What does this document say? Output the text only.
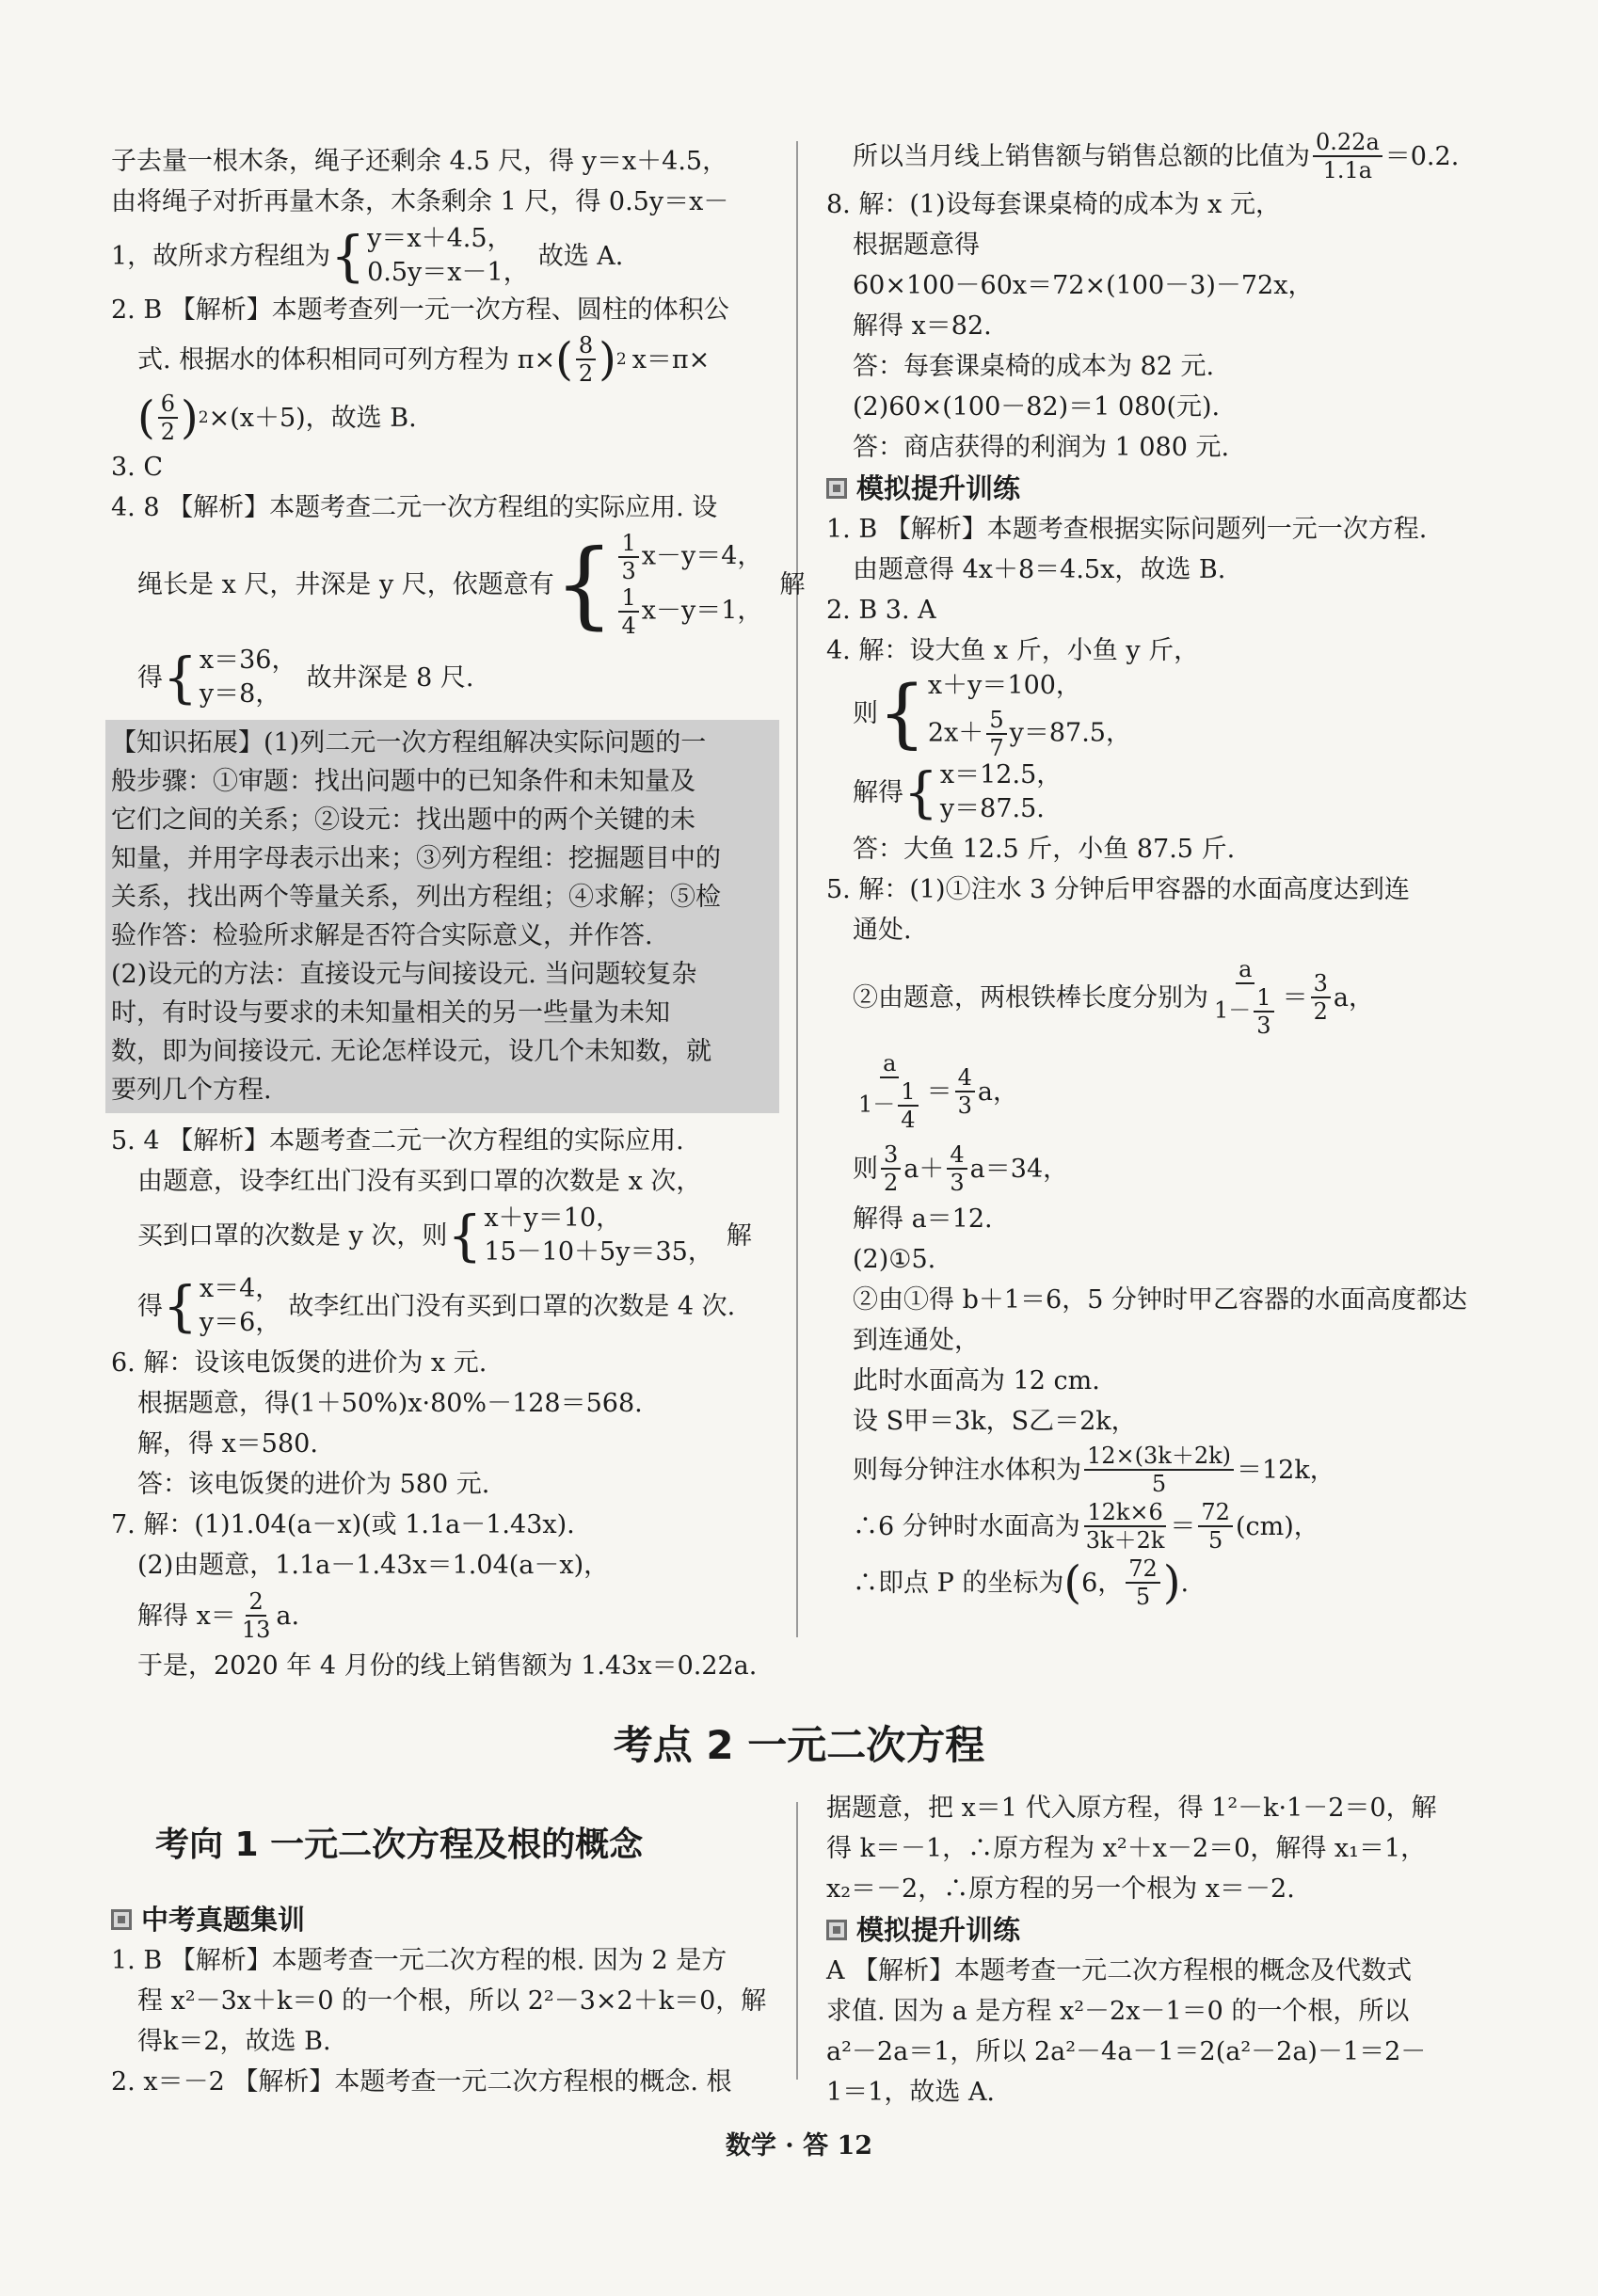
子去量一根木条，绳子还剩余 4.5 尺，得 y＝x＋4.5，
由将绳子对折再量木条，木条剩余 1 尺，得 0.5y＝x－
1，故所求方程组为 { y＝x＋4.5，
0.5y＝x－1，
故选 A.
2. B 【解析】本题考查列一元一次方程、圆柱的体积公
式. 根据水的体积相同可列方程为 π× ( $\frac{8}{2}$ ) 2 x＝π×
( $\frac{6}{2}$ ) 2 ×(x＋5)，故选 B.
3. C
4. 8 【解析】本题考查二元一次方程组的实际应用. 设
绳长是 x 尺，井深是 y 尺，依题意有 { $\frac{1}{3} x-y=4$，
$\frac{1}{4} x-y=1$，
解
得 { x＝36，
y＝8，
故井深是 8 尺.
【知识拓展】(1)列二元一次方程组解决实际问题的一
般步骤：①审题：找出问题中的已知条件和未知量及
它们之间的关系；②设元：找出题中的两个关键的未
知量，并用字母表示出来；③列方程组：挖掘题目中的
关系，找出两个等量关系，列出方程组；④求解；⑤检
验作答：检验所求解是否符合实际意义，并作答.
(2)设元的方法：直接设元与间接设元. 当问题较复杂
时，有时设与要求的未知量相关的另一些量为未知
数，即为间接设元. 无论怎样设元，设几个未知数，就
要列几个方程.
5. 4 【解析】本题考查二元一次方程组的实际应用.
由题意，设李红出门没有买到口罩的次数是 x 次，
买到口罩的次数是 y 次，则 { x＋y＝10，
15－10＋5y＝35，
解
得 { x＝4，
y＝6，
故李红出门没有买到口罩的次数是 4 次.
6. 解：设该电饭煲的进价为 x 元.
根据题意，得(1＋50%)x·80%－128＝568.
解，得 x＝580.
答：该电饭煲的进价为 580 元.
7. 解：(1)1.04(a－x)(或 1.1a－1.43x).
(2)由题意，1.1a－1.43x＝1.04(a－x)，
解得 $x= \frac{2}{13} a$.
于是，2020 年 4 月份的线上销售额为 1.43x＝0.22a.
所以当月线上销售额与销售总额的比值为 $\frac{0.22a}{1.1a} =0.2$.
8. 解：(1)设每套课桌椅的成本为 x 元，
根据题意得
60×100－60x＝72×(100－3)－72x，
解得 x＝82.
答：每套课桌椅的成本为 82 元.
(2)60×(100－82)＝1 080(元).
答：商店获得的利润为 1 080 元.
模拟提升训练
1. B 【解析】本题考查根据实际问题列一元一次方程.
由题意得 4x＋8＝4.5x，故选 B.
2. B 3. A
4. 解：设大鱼 x 斤，小鱼 y 斤，
则 { x＋y＝100，
$2x+ \frac{5}{7} y=87.5$，
解得 { x＝12.5，
y＝87.5.
答：大鱼 12.5 斤，小鱼 87.5 斤.
5. 解：(1)①注水 3 分钟后甲容器的水面高度达到连
通处.
②由题意，两根铁棒长度分别为 $\frac{a}{1- \frac{1}{3}} = \frac{3}{2}$ a，
$\frac{a}{1- \frac{1}{4}} = \frac{4}{3}$ a，
则 $\frac{3}{2} a+ \frac{4}{3} a=34$，
解得 a＝12.
(2)①5.
②由①得 b＋1＝6，5 分钟时甲乙容器的水面高度都达
到连通处，
此时水面高为 12 cm.
设 S甲＝3k，S乙＝2k，
则每分钟注水体积为 $\frac{12\times(3k+2k)}{5} =12k$，
∴6 分钟时水面高为 $\frac{12k\times 6}{3k+2k} = \frac{72}{5} (cm)$，
∴即点 P 的坐标为 ( 6， $\frac{72}{5}$ ) .
考点 2 一元二次方程
考向 1 一元二次方程及根的概念
中考真题集训
1. B 【解析】本题考查一元二次方程的根. 因为 2 是方
程 x²－3x＋k＝0 的一个根，所以 2²－3×2＋k＝0，解
得k＝2，故选 B.
2. x＝－2 【解析】本题考查一元二次方程根的概念. 根
据题意，把 x＝1 代入原方程，得 1²－k·1－2＝0，解
得 k＝－1，∴原方程为 x²＋x－2＝0，解得 x₁＝1，
x₂＝－2，∴原方程的另一个根为 x＝－2.
模拟提升训练
A 【解析】本题考查一元二次方程根的概念及代数式
求值. 因为 a 是方程 x²－2x－1＝0 的一个根，所以
a²－2a＝1，所以 2a²－4a－1＝2(a²－2a)－1＝2－
1＝1，故选 A.
数学 · 答 12
